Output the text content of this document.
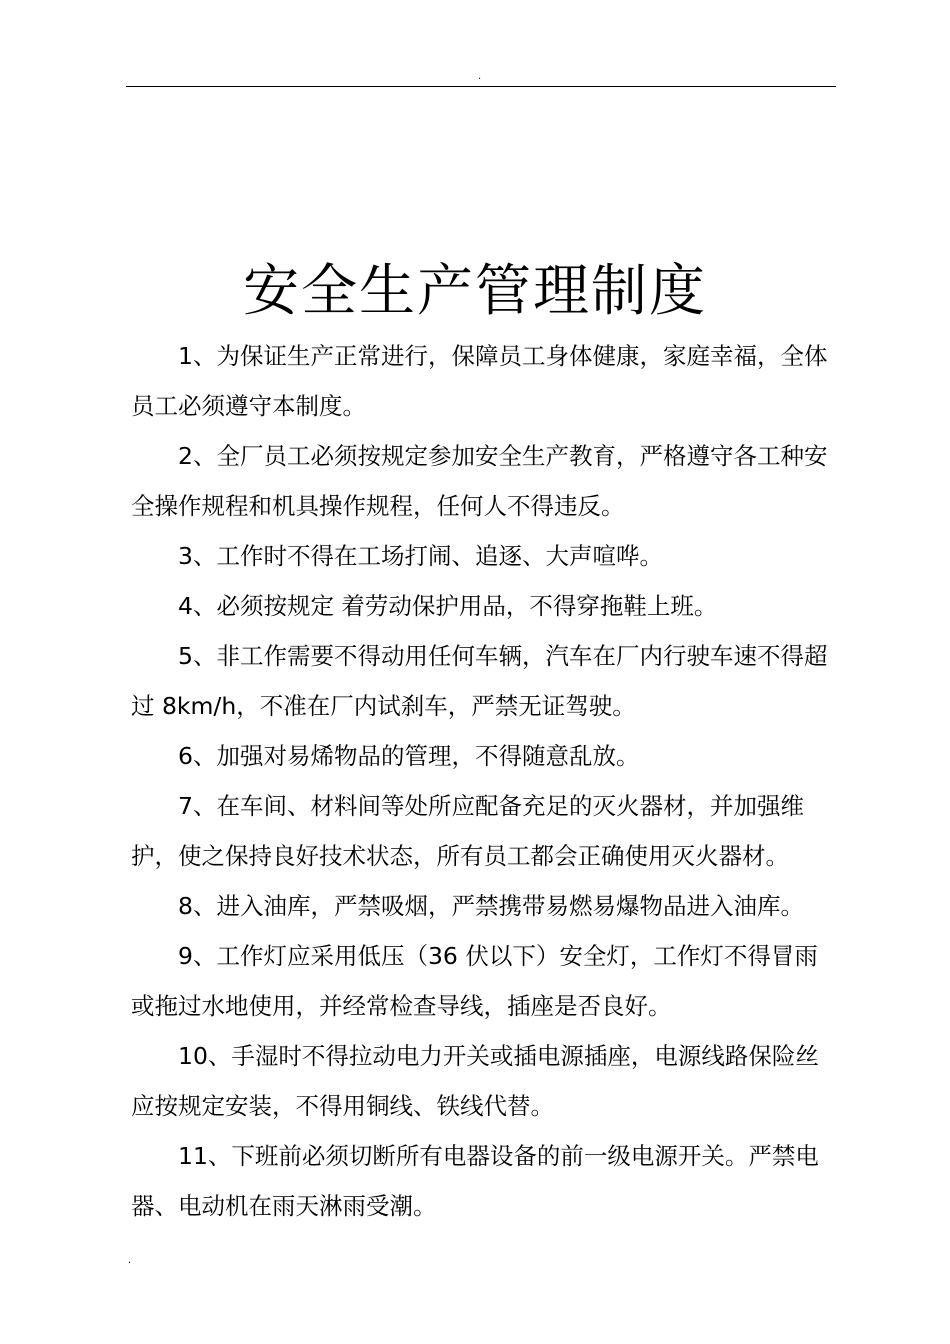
.
安全生产管理制度

1、为保证生产正常进行，保障员工身体健康，家庭幸福，全体员工必须遵守本制度。

2、全厂员工必须按规定参加安全生产教育，严格遵守各工种安全操作规程和机具操作规程，任何人不得违反。

3、工作时不得在工场打闹、追逐、大声喧哗。

4、必须按规定 着劳动保护用品，不得穿拖鞋上班。

5、非工作需要不得动用任何车辆，汽车在厂内行驶车速不得超过 8km/h，不准在厂内试刹车，严禁无证驾驶。

6、加强对易烯物品的管理，不得随意乱放。

7、在车间、材料间等处所应配备充足的灭火器材，并加强维护，使之保持良好技术状态，所有员工都会正确使用灭火器材。

8、进入油库，严禁吸烟，严禁携带易燃易爆物品进入油库。

9、工作灯应采用低压（36 伏以下）安全灯，工作灯不得冒雨或拖过水地使用，并经常检查导线，插座是否良好。

10、手湿时不得拉动电力开关或插电源插座，电源线路保险丝应按规定安装，不得用铜线、铁线代替。

11、下班前必须切断所有电器设备的前一级电源开关。严禁电器、电动机在雨天淋雨受潮。

.
